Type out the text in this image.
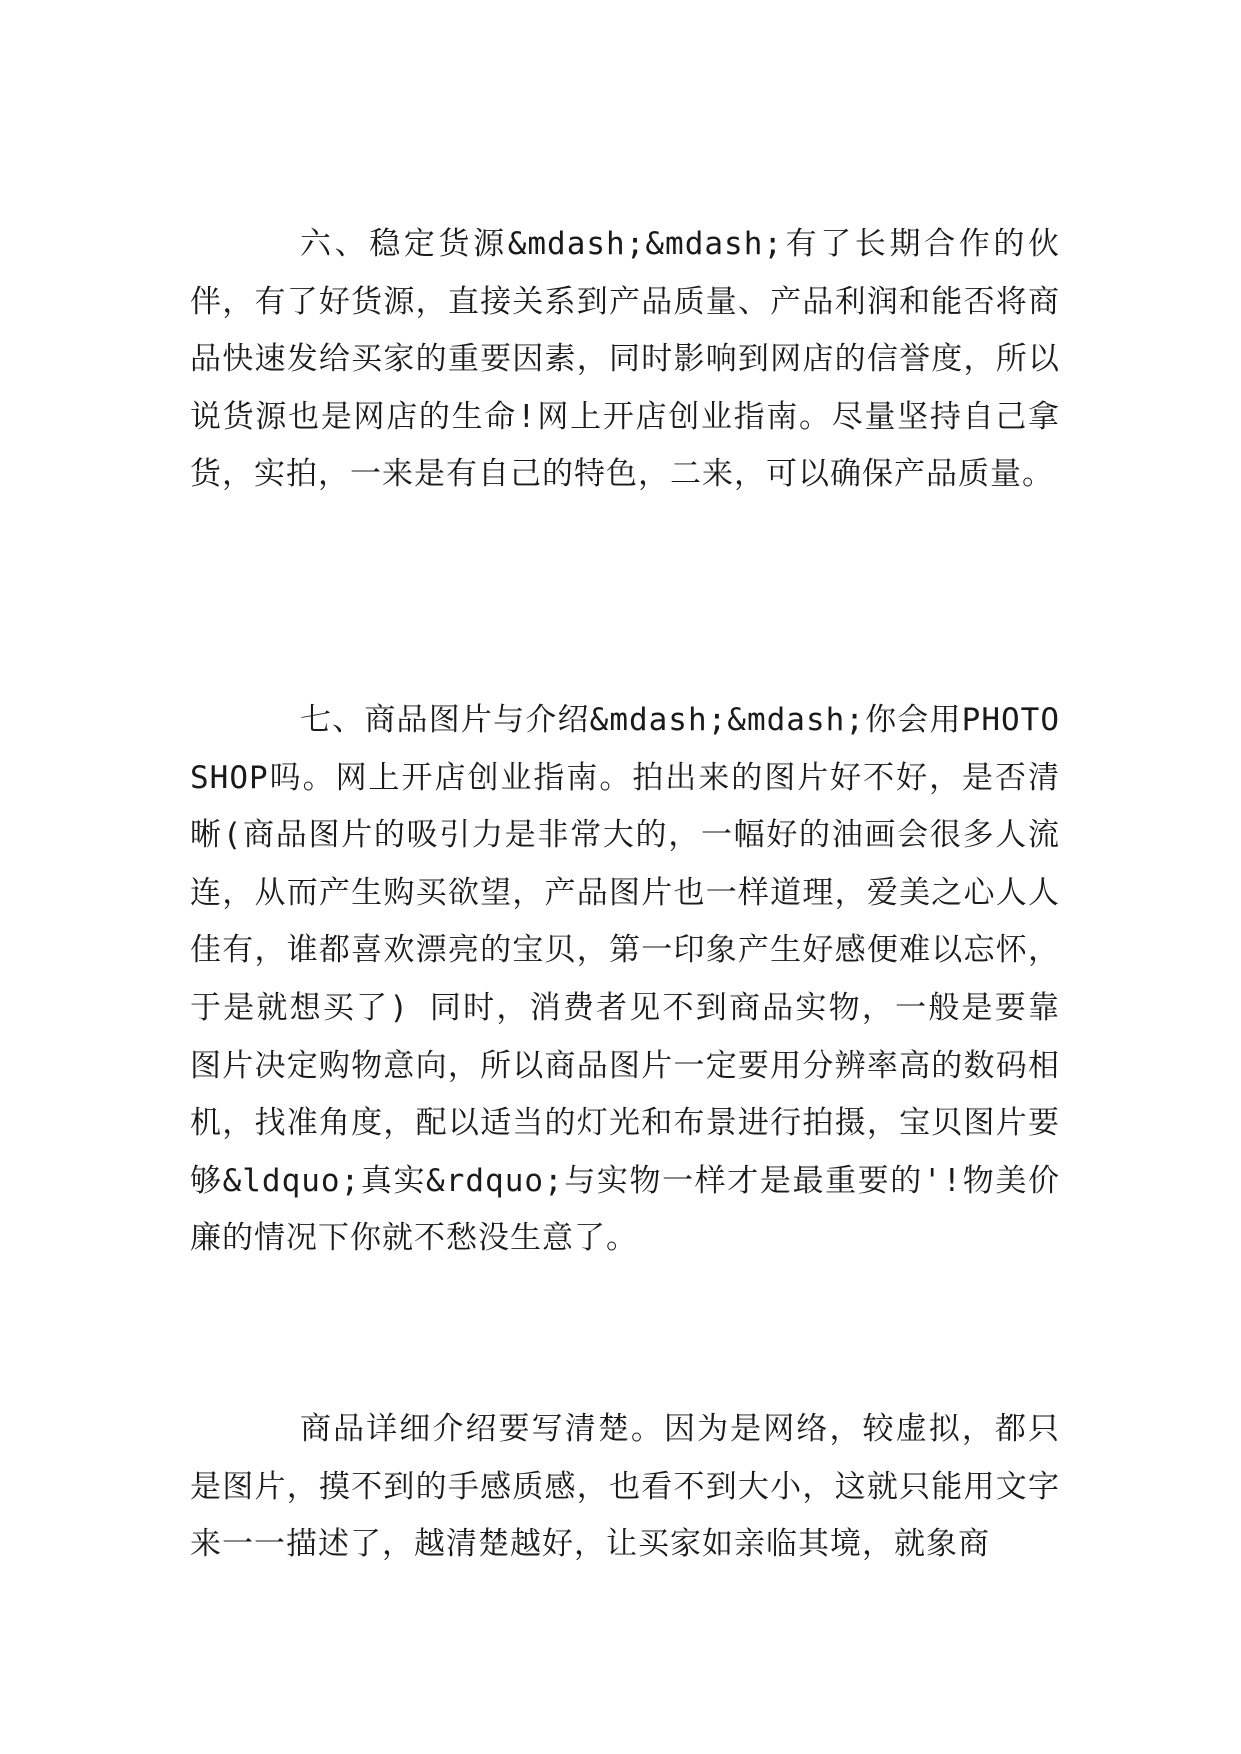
六、稳定货源&mdash;&mdash;有了长期合作的伙伴，有了好货源，直接关系到产品质量、产品利润和能否将商品快速发给买家的重要因素，同时影响到网店的信誉度，所以说货源也是网店的生命!网上开店创业指南。尽量坚持自己拿货，实拍，一来是有自己的特色，二来，可以确保产品质量。

七、商品图片与介绍&mdash;&mdash;你会用PHOTOSHOP吗。网上开店创业指南。拍出来的图片好不好，是否清晰(商品图片的吸引力是非常大的，一幅好的油画会很多人流连，从而产生购买欲望，产品图片也一样道理，爱美之心人人佳有，谁都喜欢漂亮的宝贝，第一印象产生好感便难以忘怀，于是就想买了) 同时，消费者见不到商品实物，一般是要靠图片决定购物意向，所以商品图片一定要用分辨率高的数码相机，找准角度，配以适当的灯光和布景进行拍摄，宝贝图片要够&ldquo;真实&rdquo;与实物一样才是最重要的'!物美价廉的情况下你就不愁没生意了。

商品详细介绍要写清楚。因为是网络，较虚拟，都只是图片，摸不到的手感质感，也看不到大小，这就只能用文字来一一描述了，越清楚越好，让买家如亲临其境，就象商
